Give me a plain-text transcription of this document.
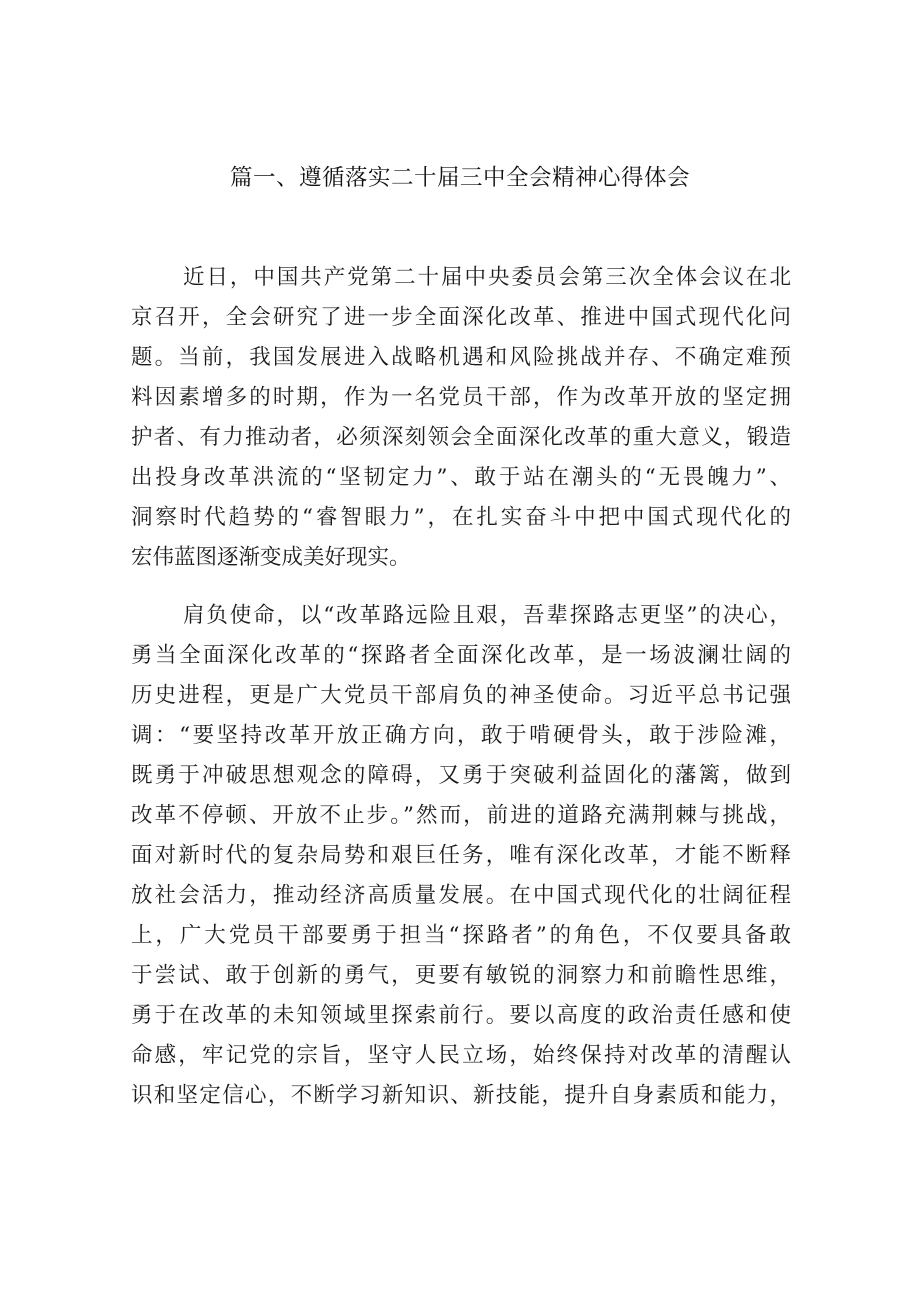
篇一、遵循落实二十届三中全会精神心得体会
近日，中国共产党第二十届中央委员会第三次全体会议在北
京召开，全会研究了进一步全面深化改革、推进中国式现代化问
题。当前，我国发展进入战略机遇和风险挑战并存、不确定难预
料因素增多的时期，作为一名党员干部，作为改革开放的坚定拥
护者、有力推动者，必须深刻领会全面深化改革的重大意义，锻造
出投身改革洪流的“坚韧定力”、敢于站在潮头的“无畏魄力”、
洞察时代趋势的“睿智眼力”，在扎实奋斗中把中国式现代化的
宏伟蓝图逐渐变成美好现实。
肩负使命，以“改革路远险且艰，吾辈探路志更坚”的决心，
勇当全面深化改革的“探路者全面深化改革，是一场波澜壮阔的
历史进程，更是广大党员干部肩负的神圣使命。习近平总书记强
调：“要坚持改革开放正确方向，敢于啃硬骨头，敢于涉险滩，
既勇于冲破思想观念的障碍，又勇于突破利益固化的藩篱，做到
改革不停顿、开放不止步。”然而，前进的道路充满荆棘与挑战，
面对新时代的复杂局势和艰巨任务，唯有深化改革，才能不断释
放社会活力，推动经济高质量发展。在中国式现代化的壮阔征程
上，广大党员干部要勇于担当“探路者”的角色，不仅要具备敢
于尝试、敢于创新的勇气，更要有敏锐的洞察力和前瞻性思维，
勇于在改革的未知领域里探索前行。要以高度的政治责任感和使
命感，牢记党的宗旨，坚守人民立场，始终保持对改革的清醒认
识和坚定信心，不断学习新知识、新技能，提升自身素质和能力，
